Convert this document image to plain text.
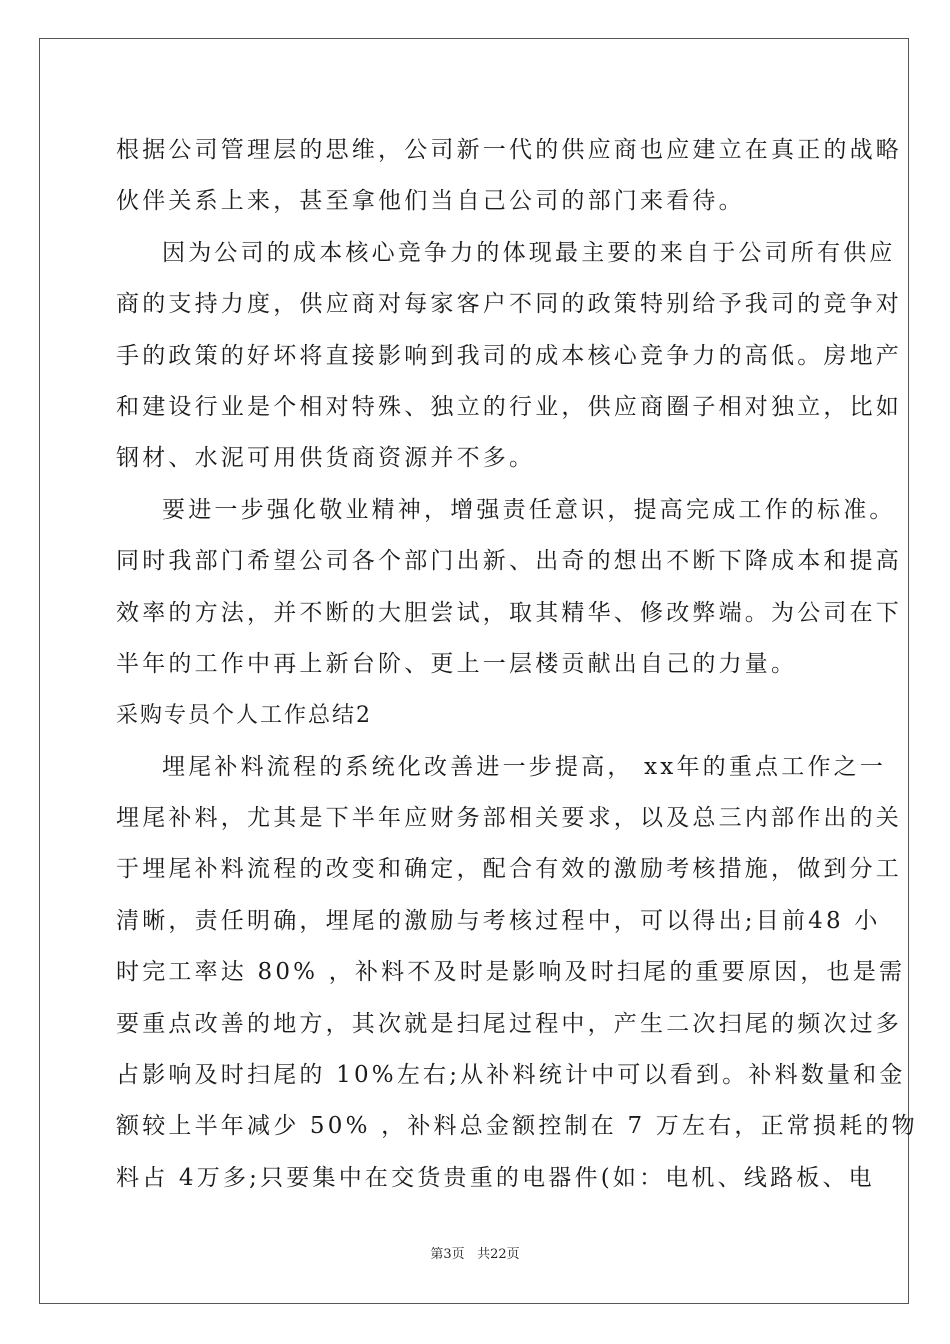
根据公司管理层的思维，公司新一代的供应商也应建立在真正的战略
伙伴关系上来，甚至拿他们当自己公司的部门来看待。
因为公司的成本核心竞争力的体现最主要的来自于公司所有供应
商的支持力度，供应商对每家客户不同的政策特别给予我司的竞争对
手的政策的好坏将直接影响到我司的成本核心竞争力的高低。房地产
和建设行业是个相对特殊、独立的行业，供应商圈子相对独立，比如
钢材、水泥可用供货商资源并不多。
要进一步强化敬业精神，增强责任意识，提高完成工作的标准。
同时我部门希望公司各个部门出新、出奇的想出不断下降成本和提高
效率的方法，并不断的大胆尝试，取其精华、修改弊端。为公司在下
半年的工作中再上新台阶、更上一层楼贡献出自己的力量。
采购专员个人工作总结2
埋尾补料流程的系统化改善进一步提高， xx年的重点工作之一
埋尾补料，尤其是下半年应财务部相关要求，以及总三内部作出的关
于埋尾补料流程的改变和确定，配合有效的激励考核措施，做到分工
清晰，责任明确，埋尾的激励与考核过程中，可以得出;目前48 小
时完工率达 80% ，补料不及时是影响及时扫尾的重要原因，也是需
要重点改善的地方，其次就是扫尾过程中，产生二次扫尾的频次过多
占影响及时扫尾的 10%左右;从补料统计中可以看到。补料数量和金
额较上半年减少 50% ，补料总金额控制在 7 万左右，正常损耗的物
料占 4万多;只要集中在交货贵重的电器件(如：电机、线路板、电
第3页 共22页
